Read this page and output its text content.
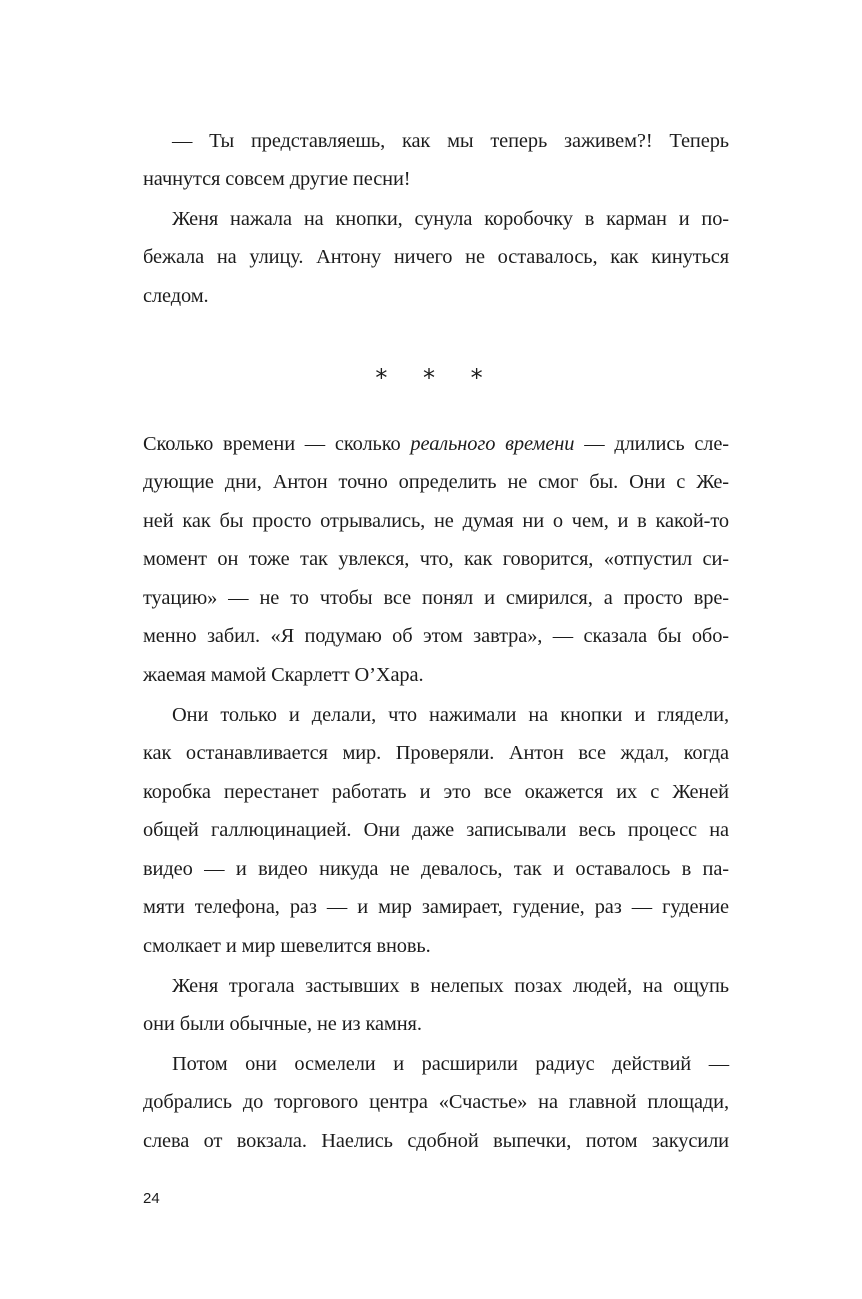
— Ты представляешь, как мы теперь заживем?! Теперь
начнутся совсем другие песни!
Женя нажала на кнопки, сунула коробочку в карман и по-
бежала на улицу. Антону ничего не оставалось, как кинуться
следом.
* * *
Сколько времени — сколько реального времени — длились сле-
дующие дни, Антон точно определить не смог бы. Они с Же-
ней как бы просто отрывались, не думая ни о чем, и в какой-то
момент он тоже так увлекся, что, как говорится, «отпустил си-
туацию» — не то чтобы все понял и смирился, а просто вре-
менно забил. «Я подумаю об этом завтра», — сказала бы обо-
жаемая мамой Скарлетт О’Хара.
Они только и делали, что нажимали на кнопки и глядели,
как останавливается мир. Проверяли. Антон все ждал, когда
коробка перестанет работать и это все окажется их с Женей
общей галлюцинацией. Они даже записывали весь процесс на
видео — и видео никуда не девалось, так и оставалось в па-
мяти телефона, раз — и мир замирает, гудение, раз — гудение
смолкает и мир шевелится вновь.
Женя трогала застывших в нелепых позах людей, на ощупь
они были обычные, не из камня.
Потом они осмелели и расширили радиус действий —
добрались до торгового центра «Счастье» на главной площади,
слева от вокзала. Наелись сдобной выпечки, потом закусили
24
